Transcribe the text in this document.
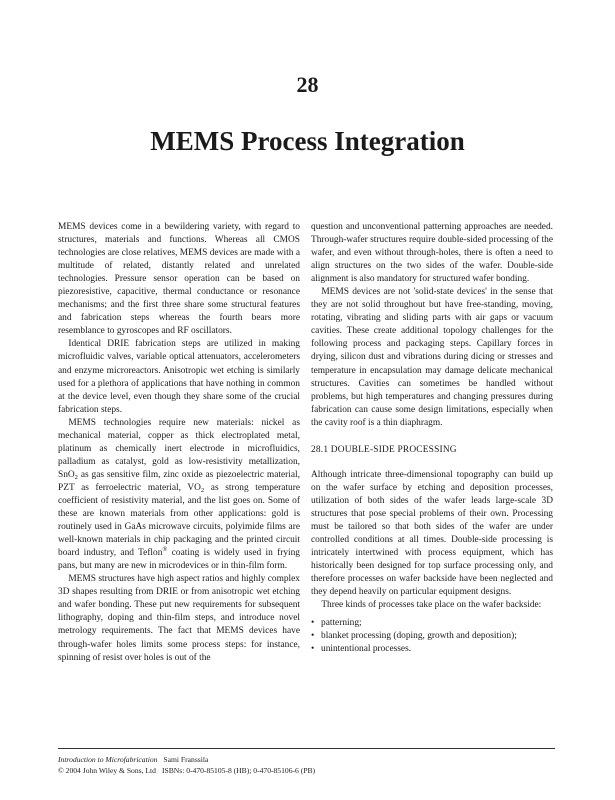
28
MEMS Process Integration

MEMS devices come in a bewildering variety, with regard to structures, materials and functions. Whereas all CMOS technologies are close relatives, MEMS devices are made with a multitude of related, distantly related and unrelated technologies. Pressure sensor operation can be based on piezoresistive, capacitive, thermal conductance or resonance mechanisms; and the first three share some structural features and fabrication steps whereas the fourth bears more resemblance to gyroscopes and RF oscillators.

Identical DRIE fabrication steps are utilized in making microfluidic valves, variable optical attenuators, accelerometers and enzyme microreactors. Anisotropic wet etching is similarly used for a plethora of applications that have nothing in common at the device level, even though they share some of the crucial fabrication steps.

MEMS technologies require new materials: nickel as mechanical material, copper as thick electroplated metal, platinum as chemically inert electrode in microfluidics, palladium as catalyst, gold as low-resistivity metallization, SnO$_2$ as gas sensitive film, zinc oxide as piezoelectric material, PZT as ferroelectric material, $VO_2$ as strong temperature coefficient of resistivity material, and the list goes on. Some of these are known materials from other applications: gold is routinely used in GaAs microwave circuits, polyimide films are well-known materials in chip packaging and the printed circuit board industry, and Teflon® coating is widely used in frying pans, but many are new in microdevices or in thin-film form.

MEMS structures have high aspect ratios and highly complex 3D shapes resulting from DRIE or from anisotropic wet etching and wafer bonding. These put new requirements for subsequent lithography, doping and thin-film steps, and introduce novel metrology requirements. The fact that MEMS devices have through-wafer holes limits some process steps: for instance, spinning of resist over holes is out of the

question and unconventional patterning approaches are needed. Through-wafer structures require double-sided processing of the wafer, and even without through-holes, there is often a need to align structures on the two sides of the wafer. Double-side alignment is also mandatory for structured wafer bonding.

MEMS devices are not 'solid-state devices' in the sense that they are not solid throughout but have free-standing, moving, rotating, vibrating and sliding parts with air gaps or vacuum cavities. These create additional topology challenges for the following process and packaging steps. Capillary forces in drying, silicon dust and vibrations during dicing or stresses and temperature in encapsulation may damage delicate mechanical structures. Cavities can sometimes be handled without problems, but high temperatures and changing pressures during fabrication can cause some design limitations, especially when the cavity roof is a thin diaphragm.

28.1 DOUBLE-SIDE PROCESSING

Although intricate three-dimensional topography can build up on the wafer surface by etching and deposition processes, utilization of both sides of the wafer leads large-scale 3D structures that pose special problems of their own. Processing must be tailored so that both sides of the wafer are under controlled conditions at all times. Double-side processing is intricately intertwined with process equipment, which has historically been designed for top surface processing only, and therefore processes on wafer backside have been neglected and they depend heavily on particular equipment designs.

Three kinds of processes take place on the wafer backside:

• patterning;
• blanket processing (doping, growth and deposition);
• unintentional processes.
Introduction to Microfabrication Sami Franssila
© 2004 John Wiley & Sons, Ltd ISBNs: 0-470-85105-8 (HB); 0-470-85106-6 (PB)
